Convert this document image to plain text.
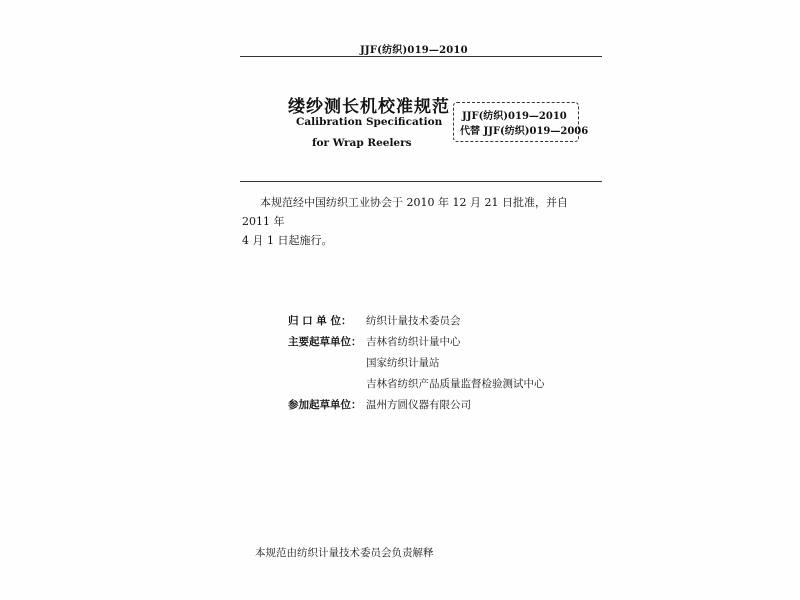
JJF(纺织)019—2010
缕纱测长机校准规范
Calibration Specification
for Wrap Reelers
JJF(纺织)019—2010
代替 JJF(纺织)019—2006

本规范经中国纺织工业协会于 2010 年 12 月 21 日批准，并自 2011 年

4 月 1 日起施行。

归 口 单 位：	纺织计量技术委员会
主要起草单位： 吉林省纺织计量中心
国家纺织计量站
吉林省纺织产品质量监督检验测试中心
参加起草单位： 温州方圆仪器有限公司
本规范由纺织计量技术委员会负责解释
